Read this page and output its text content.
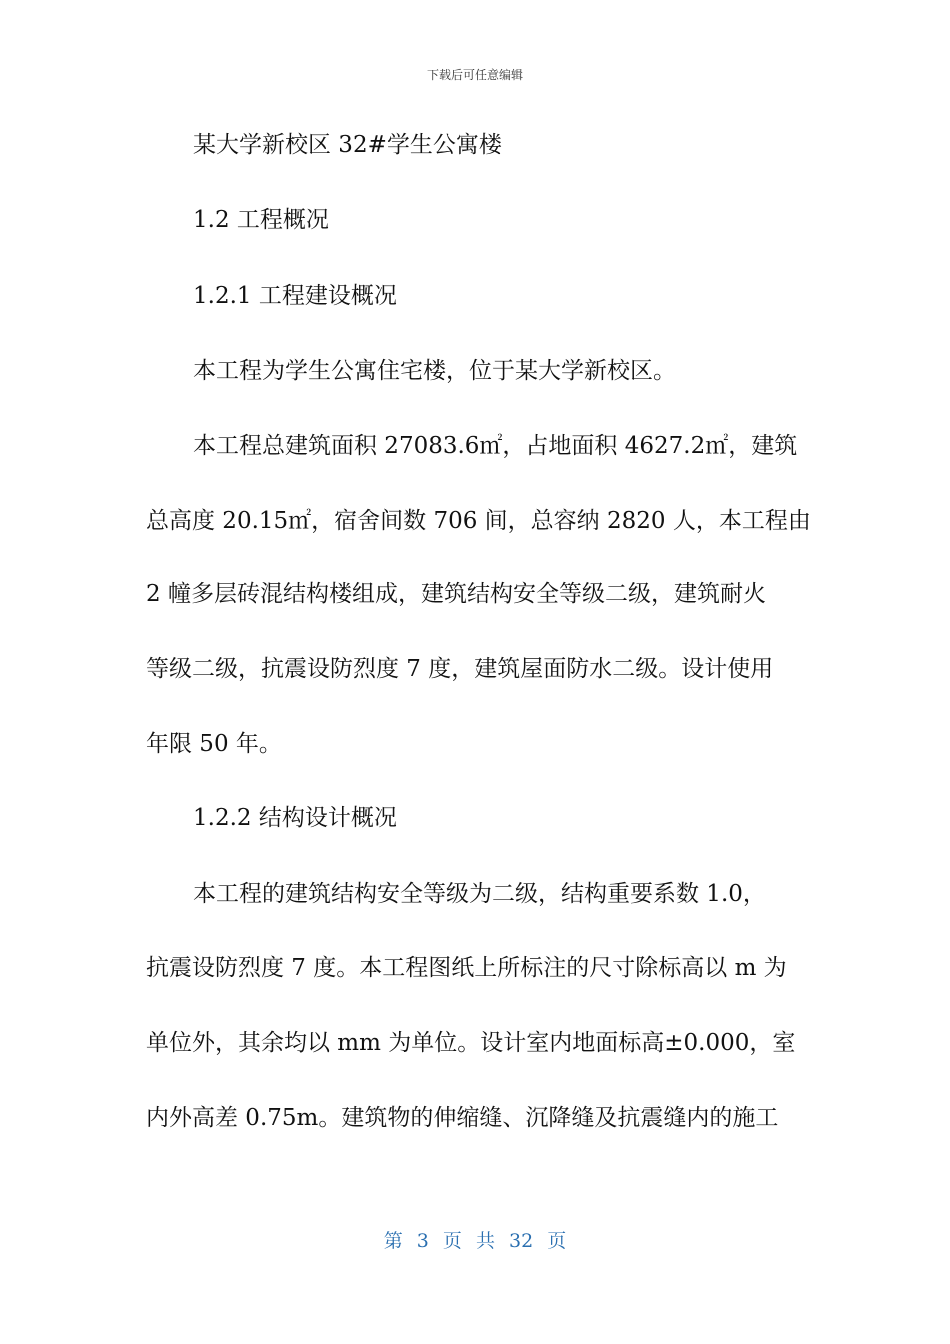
下载后可任意编辑
某大学新校区 32#学生公寓楼
1.2 工程概况
1.2.1 工程建设概况
本工程为学生公寓住宅楼，位于某大学新校区。
本工程总建筑面积 27083.6㎡，占地面积 4627.2㎡，建筑
总高度 20.15㎡，宿舍间数 706 间，总容纳 2820 人，本工程由
2 幢多层砖混结构楼组成，建筑结构安全等级二级，建筑耐火
等级二级，抗震设防烈度 7 度，建筑屋面防水二级。设计使用
年限 50 年。
1.2.2 结构设计概况
本工程的建筑结构安全等级为二级，结构重要系数 1.0，
抗震设防烈度 7 度。本工程图纸上所标注的尺寸除标高以 m 为
单位外，其余均以 mm 为单位。设计室内地面标高±0.000，室
内外高差 0.75m。建筑物的伸缩缝、沉降缝及抗震缝内的施工
第 3 页 共 32 页
